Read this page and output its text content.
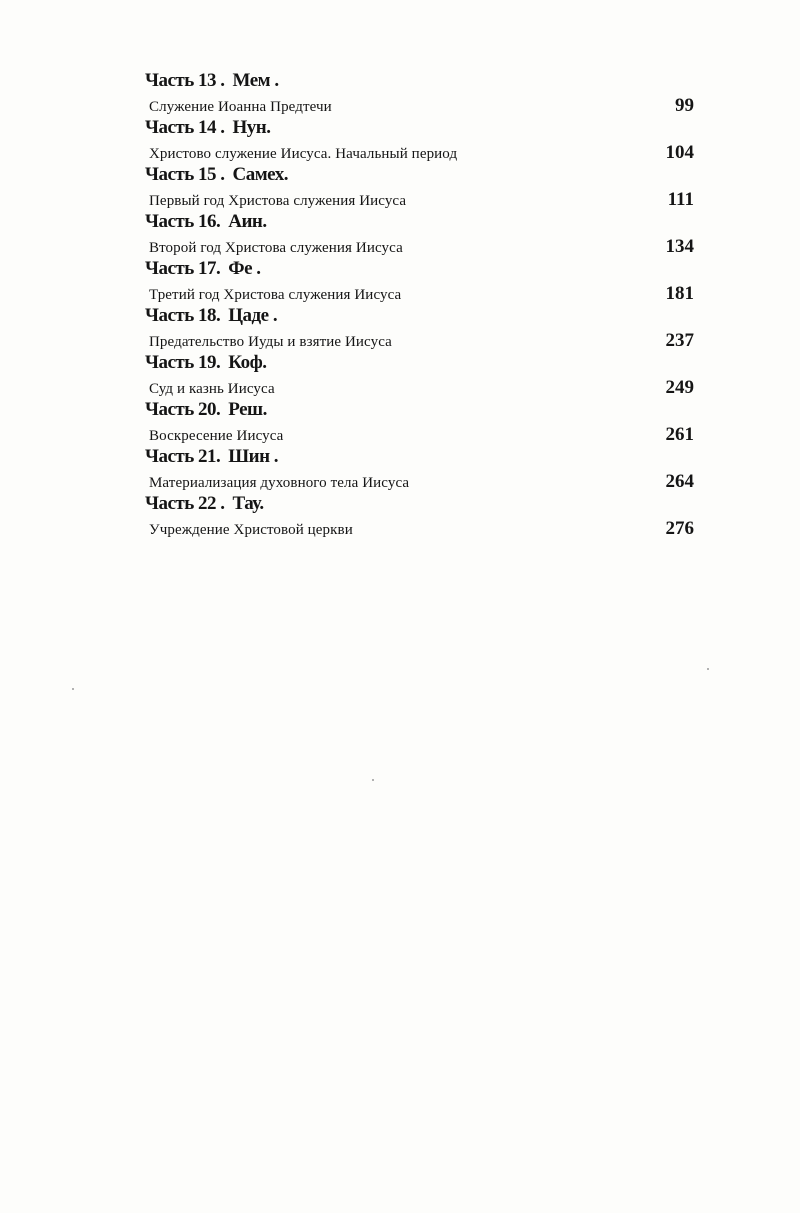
Часть 13 . Мем .
Служение Иоанна Предтечи	99
Часть 14 . Нун.
Христово служение Иисуса. Начальный период	104
Часть 15 . Самех.
Первый год Христова служения Иисуса	111
Часть 16. Аин.
Второй год Христова служения Иисуса	134
Часть 17. Фе .
Третий год Христова служения Иисуса	181
Часть 18. Цаде .
Предательство Иуды и взятие Иисуса	237
Часть 19. Коф.
Суд и казнь Иисуса	249
Часть 20. Реш.
Воскресение Иисуса	261
Часть 21. Шин .
Материализация духовного тела Иисуса	264
Часть 22 . Тау.
Учреждение Христовой церкви	276
